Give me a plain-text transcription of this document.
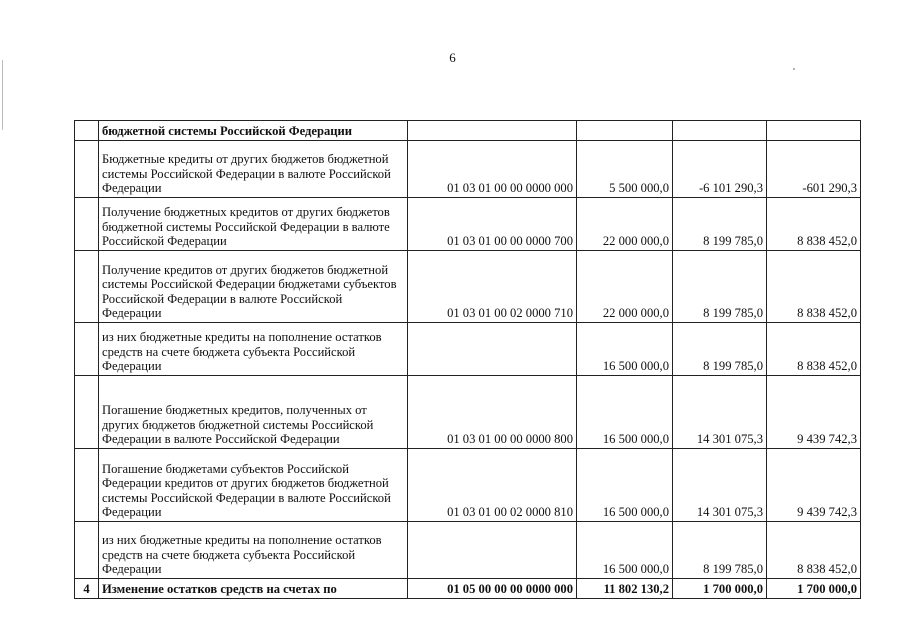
6
	бюджетной системы Российской Федерации				
	Бюджетные кредиты от других бюджетов бюджетной системы Российской Федерации в валюте Российской Федерации	01 03 01 00 00 0000 000	5 500 000,0	-6 101 290,3	-601 290,3
	Получение бюджетных кредитов от других бюджетов бюджетной системы Российской Федерации в валюте Российской Федерации	01 03 01 00 00 0000 700	22 000 000,0	8 199 785,0	8 838 452,0
	Получение кредитов от других бюджетов бюджетной системы Российской Федерации бюджетами субъектов Российской Федерации в валюте Российской Федерации	01 03 01 00 02 0000 710	22 000 000,0	8 199 785,0	8 838 452,0
	из них бюджетные кредиты на пополнение остатков средств на счете бюджета субъекта Российской Федерации		16 500 000,0	8 199 785,0	8 838 452,0
	Погашение бюджетных кредитов, полученных от других бюджетов бюджетной системы Российской Федерации в валюте Российской Федерации	01 03 01 00 00 0000 800	16 500 000,0	14 301 075,3	9 439 742,3
	Погашение бюджетами субъектов Российской Федерации кредитов от других бюджетов бюджетной системы Российской Федерации в валюте Российской Федерации	01 03 01 00 02 0000 810	16 500 000,0	14 301 075,3	9 439 742,3
	из них бюджетные кредиты на пополнение остатков средств на счете бюджета субъекта Российской Федерации		16 500 000,0	8 199 785,0	8 838 452,0
4	Изменение остатков средств на счетах по	01 05 00 00 00 0000 000	11 802 130,2	1 700 000,0	1 700 000,0
